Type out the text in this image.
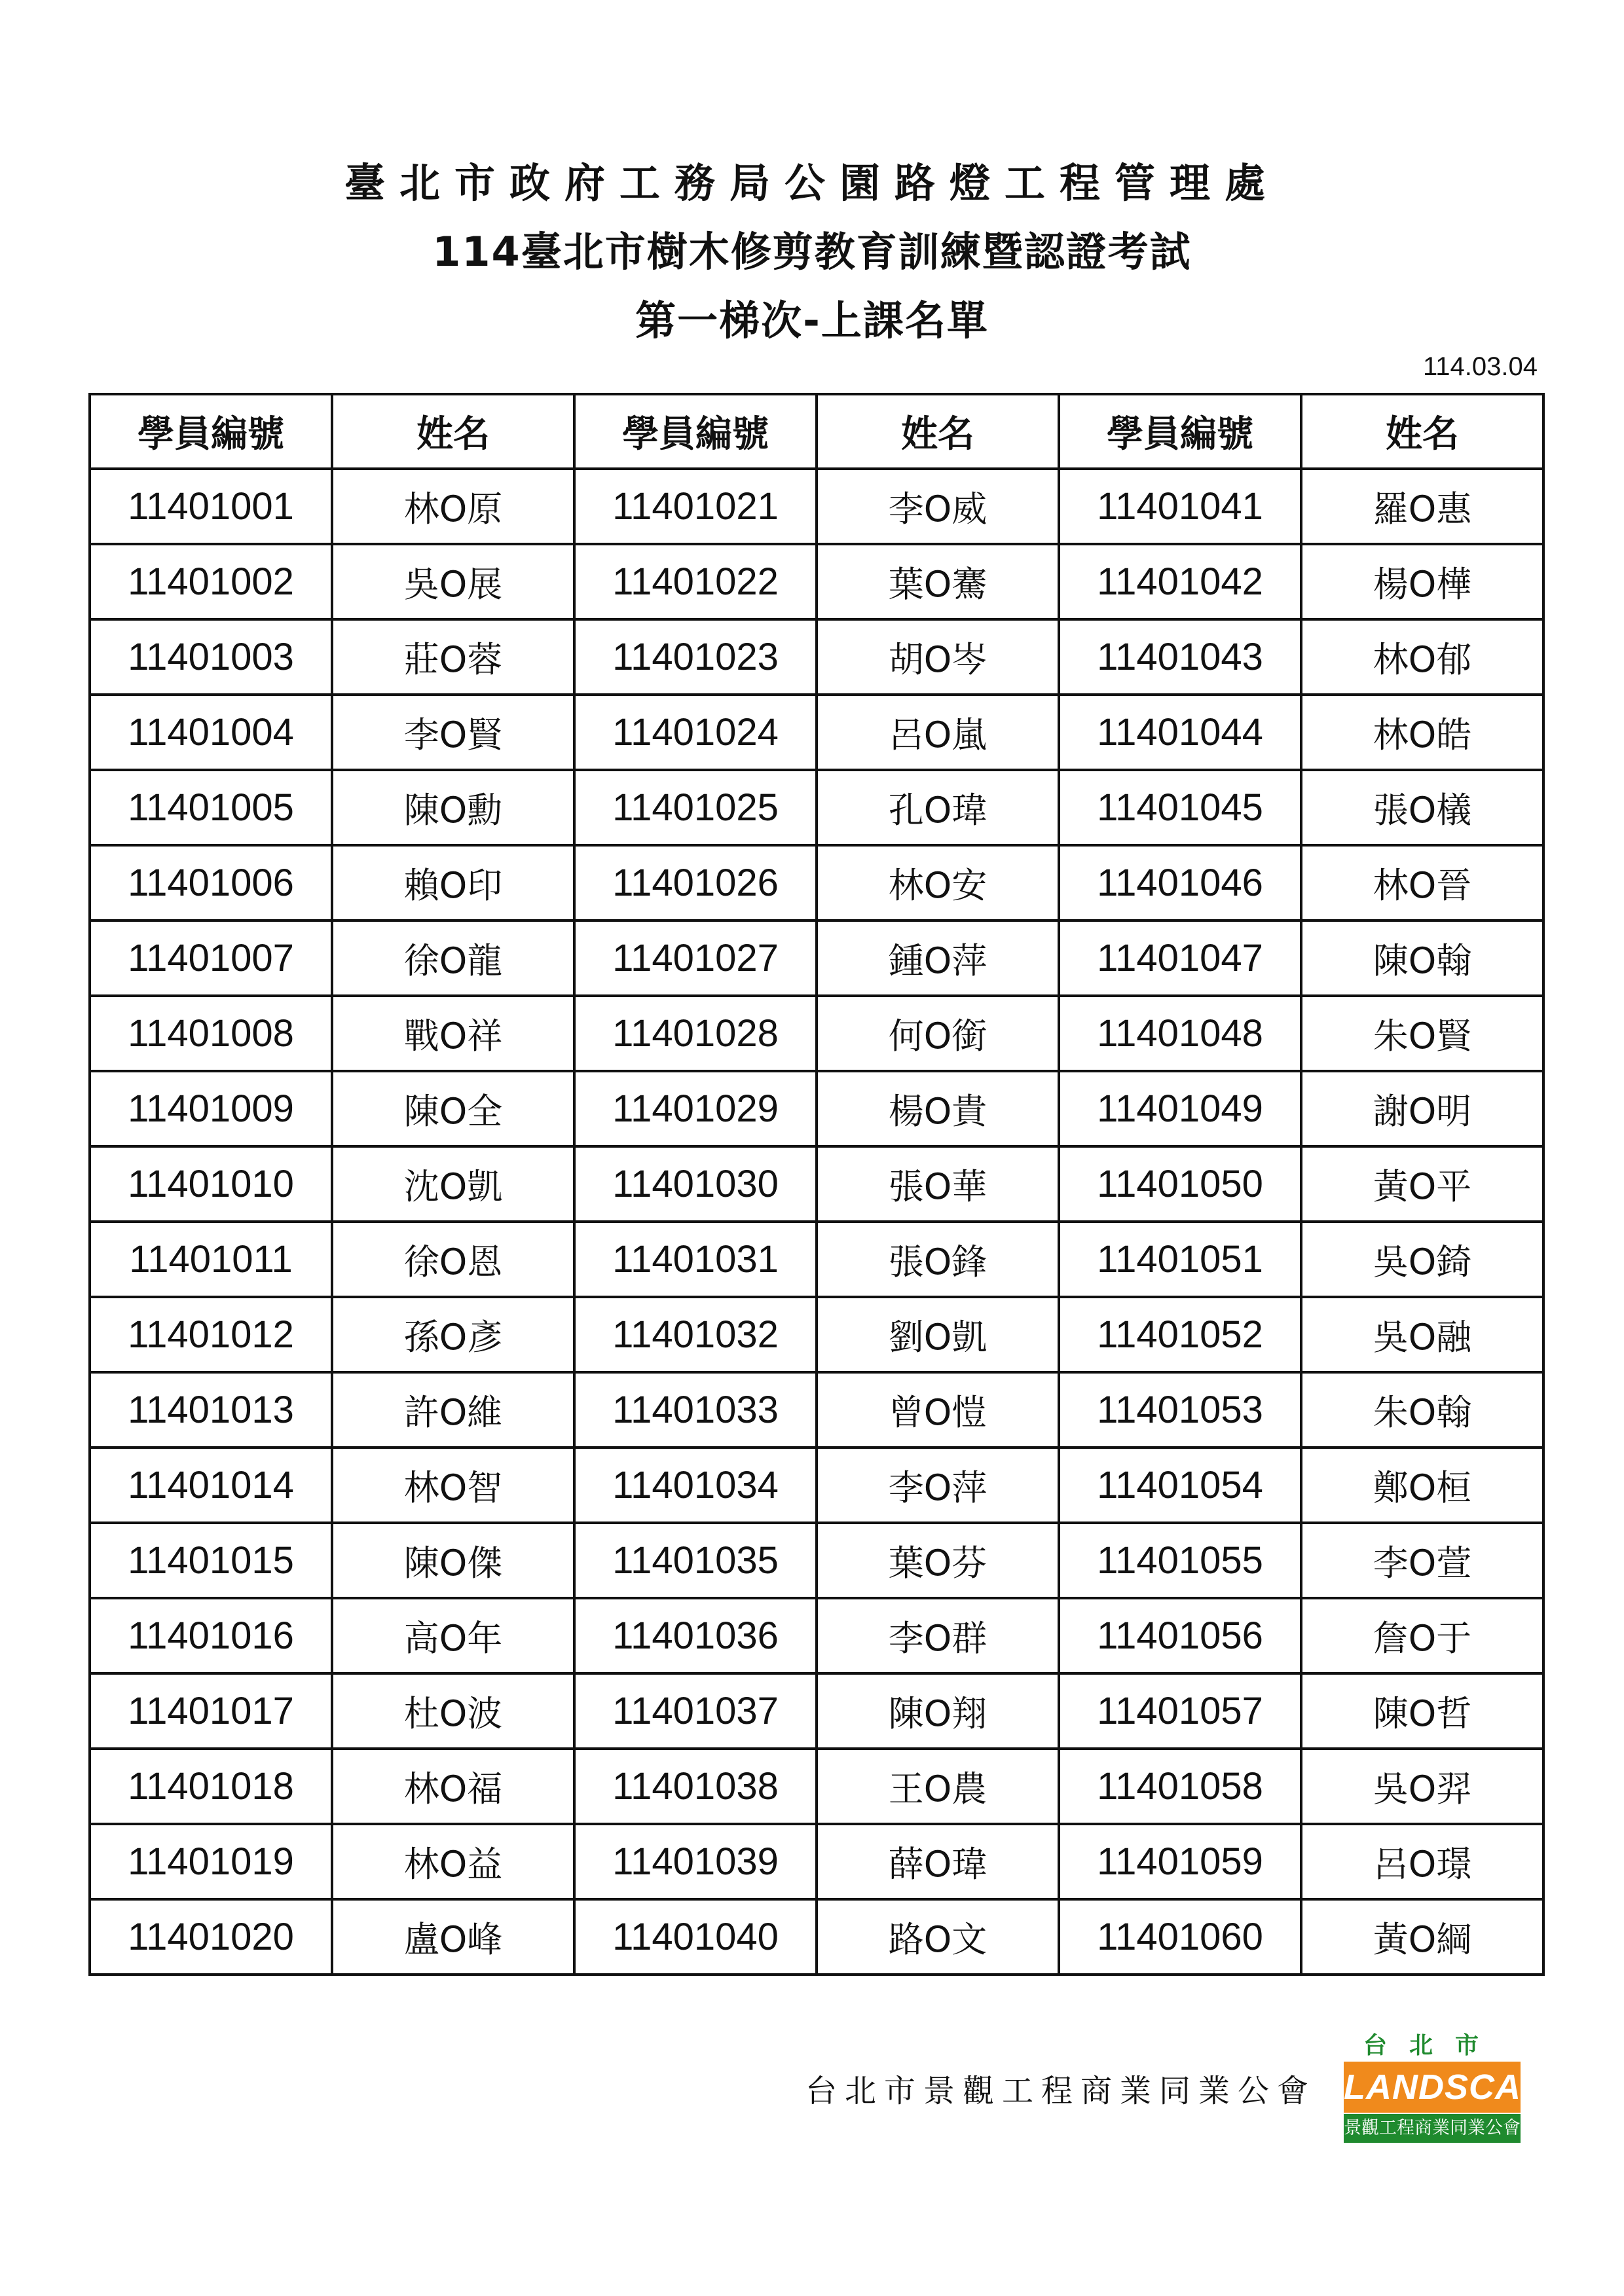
臺北市政府工務局公園路燈工程管理處
114臺北市樹木修剪教育訓練暨認證考試
第一梯次-上課名單
114.03.04
學員編號	姓名	學員編號	姓名	學員編號	姓名
11401001	林O原	11401021	李O威	11401041	羅O惠
11401002	吳O展	11401022	葉O騫	11401042	楊O樺
11401003	莊O蓉	11401023	胡O岑	11401043	林O郁
11401004	李O賢	11401024	呂O嵐	11401044	林O皓
11401005	陳O勳	11401025	孔O瑋	11401045	張O檥
11401006	賴O印	11401026	林O安	11401046	林O晉
11401007	徐O龍	11401027	鍾O萍	11401047	陳O翰
11401008	戰O祥	11401028	何O銜	11401048	朱O賢
11401009	陳O全	11401029	楊O貴	11401049	謝O明
11401010	沈O凱	11401030	張O華	11401050	黃O平
11401011	徐O恩	11401031	張O鋒	11401051	吳O錡
11401012	孫O彥	11401032	劉O凱	11401052	吳O融
11401013	許O維	11401033	曾O愷	11401053	朱O翰
11401014	林O智	11401034	李O萍	11401054	鄭O桓
11401015	陳O傑	11401035	葉O芬	11401055	李O萱
11401016	高O年	11401036	李O群	11401056	詹O于
11401017	杜O波	11401037	陳O翔	11401057	陳O哲
11401018	林O福	11401038	王O農	11401058	吳O羿
11401019	林O益	11401039	薛O瑋	11401059	呂O璟
11401020	盧O峰	11401040	路O文	11401060	黃O綱
台北市景觀工程商業同業公會
台北市
LANDSCAPE
景觀工程商業同業公會
